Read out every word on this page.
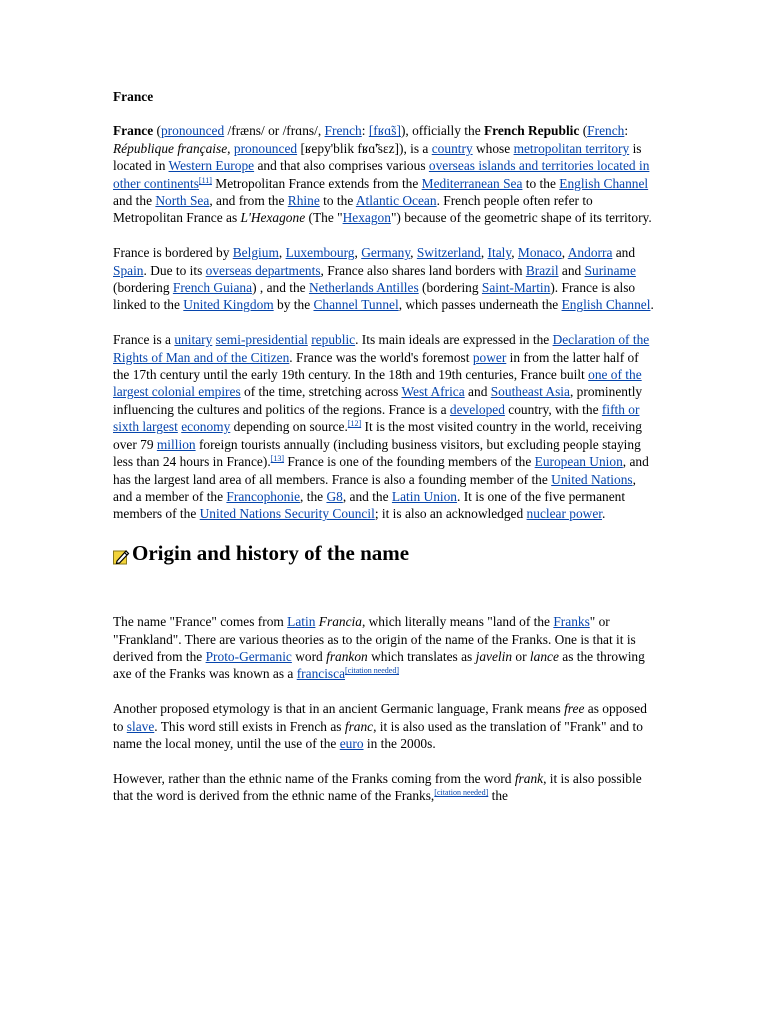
France

France (pronounced /fræns/ or /frɑns/, French: [fʁɑ̃s]), officially the French Republic (French: République française, pronounced [ʁepy'blik fʁɑ̃'sɛz]), is a country whose metropolitan territory is located in Western Europe and that also comprises various overseas islands and territories located in other continents[11] Metropolitan France extends from the Mediterranean Sea to the English Channel and the North Sea, and from the Rhine to the Atlantic Ocean. French people often refer to Metropolitan France as L'Hexagone (The "Hexagon") because of the geometric shape of its territory.

France is bordered by Belgium, Luxembourg, Germany, Switzerland, Italy, Monaco, Andorra and Spain. Due to its overseas departments, France also shares land borders with Brazil and Suriname (bordering French Guiana) , and the Netherlands Antilles (bordering Saint-Martin). France is also linked to the United Kingdom by the Channel Tunnel, which passes underneath the English Channel.

France is a unitary semi-presidential republic. Its main ideals are expressed in the Declaration of the Rights of Man and of the Citizen. France was the world's foremost power in from the latter half of the 17th century until the early 19th century. In the 18th and 19th centuries, France built one of the largest colonial empires of the time, stretching across West Africa and Southeast Asia, prominently influencing the cultures and politics of the regions. France is a developed country, with the fifth or sixth largest economy depending on source.[12] It is the most visited country in the world, receiving over 79 million foreign tourists annually (including business visitors, but excluding people staying less than 24 hours in France).[13] France is one of the founding members of the European Union, and has the largest land area of all members. France is also a founding member of the United Nations, and a member of the Francophonie, the G8, and the Latin Union. It is one of the five permanent members of the United Nations Security Council; it is also an acknowledged nuclear power.

Origin and history of the name

The name "France" comes from Latin Francia, which literally means "land of the Franks" or "Frankland". There are various theories as to the origin of the name of the Franks. One is that it is derived from the Proto-Germanic word frankon which translates as javelin or lance as the throwing axe of the Franks was known as a francisca[citation needed]

Another proposed etymology is that in an ancient Germanic language, Frank means free as opposed to slave. This word still exists in French as franc, it is also used as the translation of "Frank" and to name the local money, until the use of the euro in the 2000s.

However, rather than the ethnic name of the Franks coming from the word frank, it is also possible that the word is derived from the ethnic name of the Franks,[citation needed] the
